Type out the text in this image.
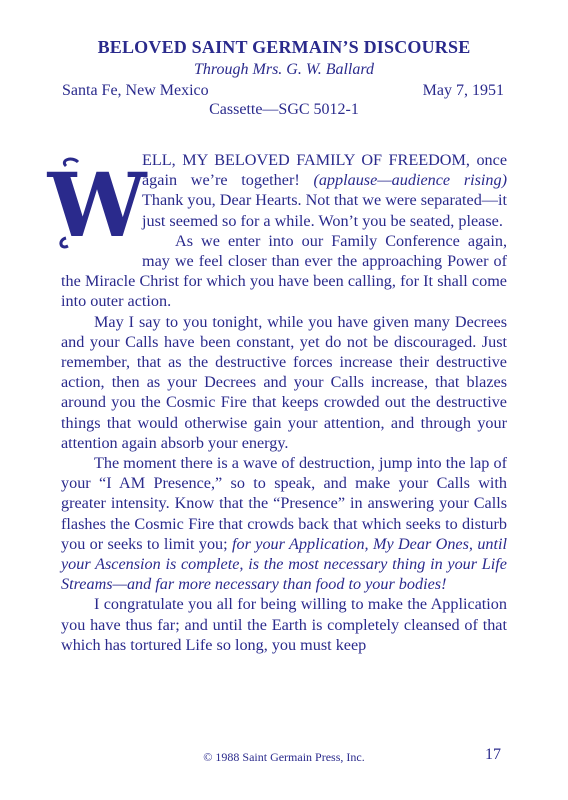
BELOVED SAINT GERMAIN’S DISCOURSE
Through Mrs. G. W. Ballard
Santa Fe, New Mexico	May 7, 1951
Cassette—SGC 5012-1

W
ELL, MY BELOVED FAMILY OF FREEDOM, once again we’re together! (applause—audience rising) Thank you, Dear Hearts. Not that we were separated—it just seemed so for a while. Won’t you be seated, please.

As we enter into our Family Conference again, may we feel closer than ever the approaching Power of the Miracle Christ for which you have been calling, for It shall come into outer action.

May I say to you tonight, while you have given many Decrees and your Calls have been constant, yet do not be discouraged. Just remember, that as the destructive forces increase their destructive action, then as your Decrees and your Calls increase, that blazes around you the Cosmic Fire that keeps crowded out the destructive things that would otherwise gain your attention, and through your attention again absorb your energy.

The moment there is a wave of destruction, jump into the lap of your “I AM Presence,” so to speak, and make your Calls with greater intensity. Know that the “Presence” in answering your Calls flashes the Cosmic Fire that crowds back that which seeks to disturb you or seeks to limit you; for your Application, My Dear Ones, until your Ascension is complete, is the most necessary thing in your Life Streams—and far more necessary than food to your bodies!

I congratulate you all for being willing to make the Application you have thus far; and until the Earth is completely cleansed of that which has tortured Life so long, you must keep

© 1988 Saint Germain Press, Inc.	17
